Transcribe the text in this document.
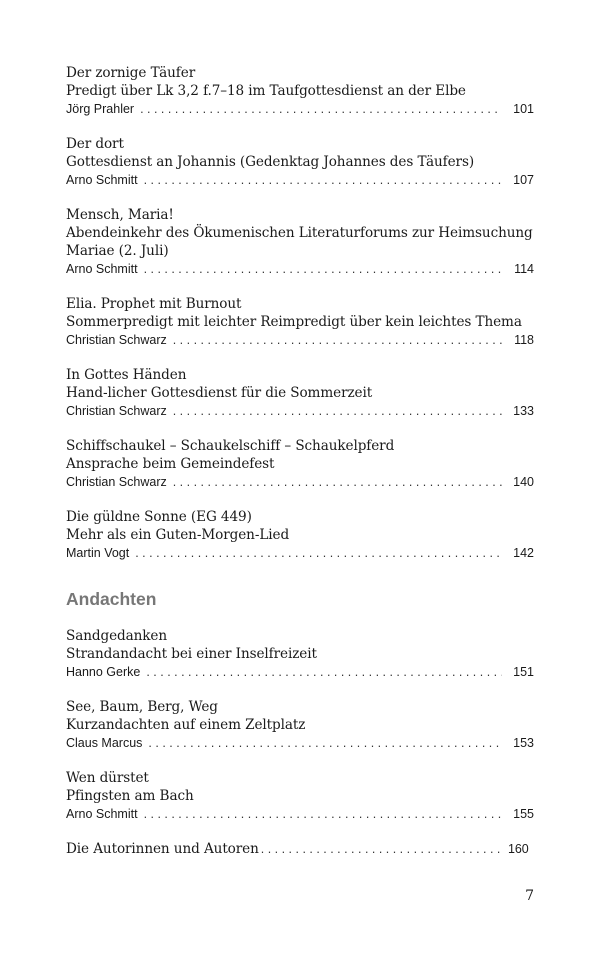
Der zornige Täufer
Predigt über Lk 3,2 f.7–18 im Taufgottesdienst an der Elbe
Jörg Prahler . . .	101
Der dort
Gottesdienst an Johannis (Gedenktag Johannes des Täufers)
Arno Schmitt . . .	107
Mensch, Maria!
Abendeinkehr des Ökumenischen Literaturforums zur Heimsuchung Mariae (2. Juli)
Arno Schmitt . . .	114
Elia. Prophet mit Burnout
Sommerpredigt mit leichter Reimpredigt über kein leichtes Thema
Christian Schwarz . . .	118
In Gottes Händen
Hand-licher Gottesdienst für die Sommerzeit
Christian Schwarz . . .	133
Schiffschaukel – Schaukelschiff – Schaukelpferd
Ansprache beim Gemeindefest
Christian Schwarz . . .	140
Die güldne Sonne (EG 449)
Mehr als ein Guten-Morgen-Lied
Martin Vogt . . .	142
Andachten
Sandgedanken
Strandandacht bei einer Inselfreizeit
Hanno Gerke . . .	151
See, Baum, Berg, Weg
Kurzandachten auf einem Zeltplatz
Claus Marcus . . .	153
Wen dürstet
Pfingsten am Bach
Arno Schmitt . . .	155
Die Autorinnen und Autoren . . .	160
7
